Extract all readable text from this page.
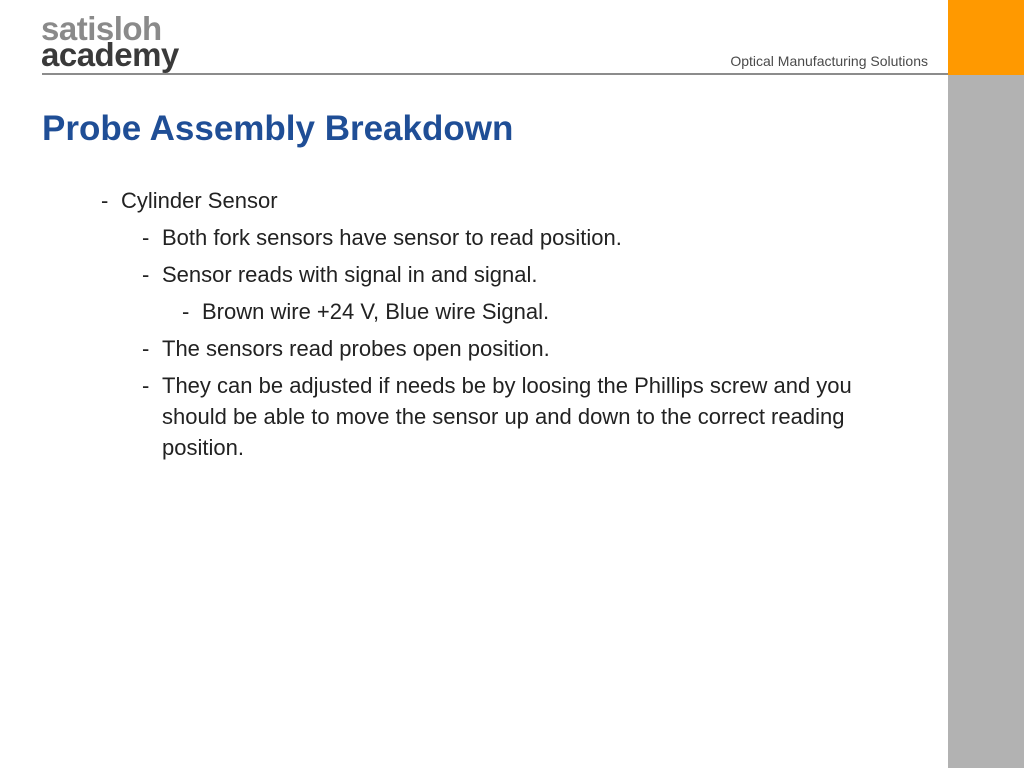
satisloh
academy	Optical Manufacturing Solutions
Probe Assembly Breakdown
- Cylinder Sensor
- Both fork sensors have sensor to read position.
- Sensor reads with signal in and signal.
- Brown wire +24 V, Blue wire Signal.
- The sensors read probes open position.
- They can be adjusted if needs be by loosing the Phillips screw and you should be able to move the sensor up and down to the correct reading position.
